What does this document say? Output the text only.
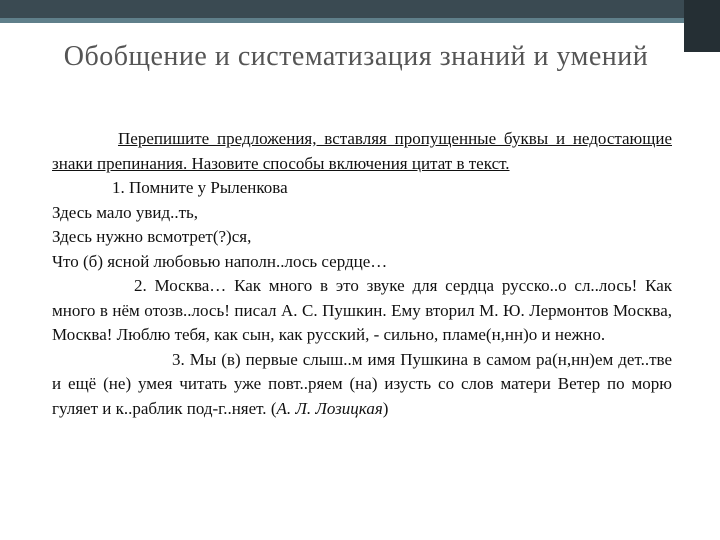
Обобщение и систематизация знаний и умений

Перепишите предложения, вставляя пропущенные буквы и недостающие знаки препинания. Назовите способы включения цитат в текст.

1. Помните у Рыленкова

Здесь мало увид..ть,

Здесь нужно всмотрет(?)ся,

Что (б) ясной любовью наполн..лось сердце…

2. Москва… Как много в это звуке для сердца русско..о сл..лось! Как много в нём отозв..лось! писал А. С. Пушкин. Ему вторил М. Ю. Лермонтов Москва, Москва! Люблю тебя, как сын, как русский, - сильно, пламе(н,нн)о и нежно.

3. Мы (в) первые слыш..м имя Пушкина в самом ра(н,нн)ем дет..тве и ещё (не) умея читать уже повт..ряем (на) изусть со слов матери Ветер по морю гуляет и к..раблик под-г..няет. (А. Л. Лозицкая)
